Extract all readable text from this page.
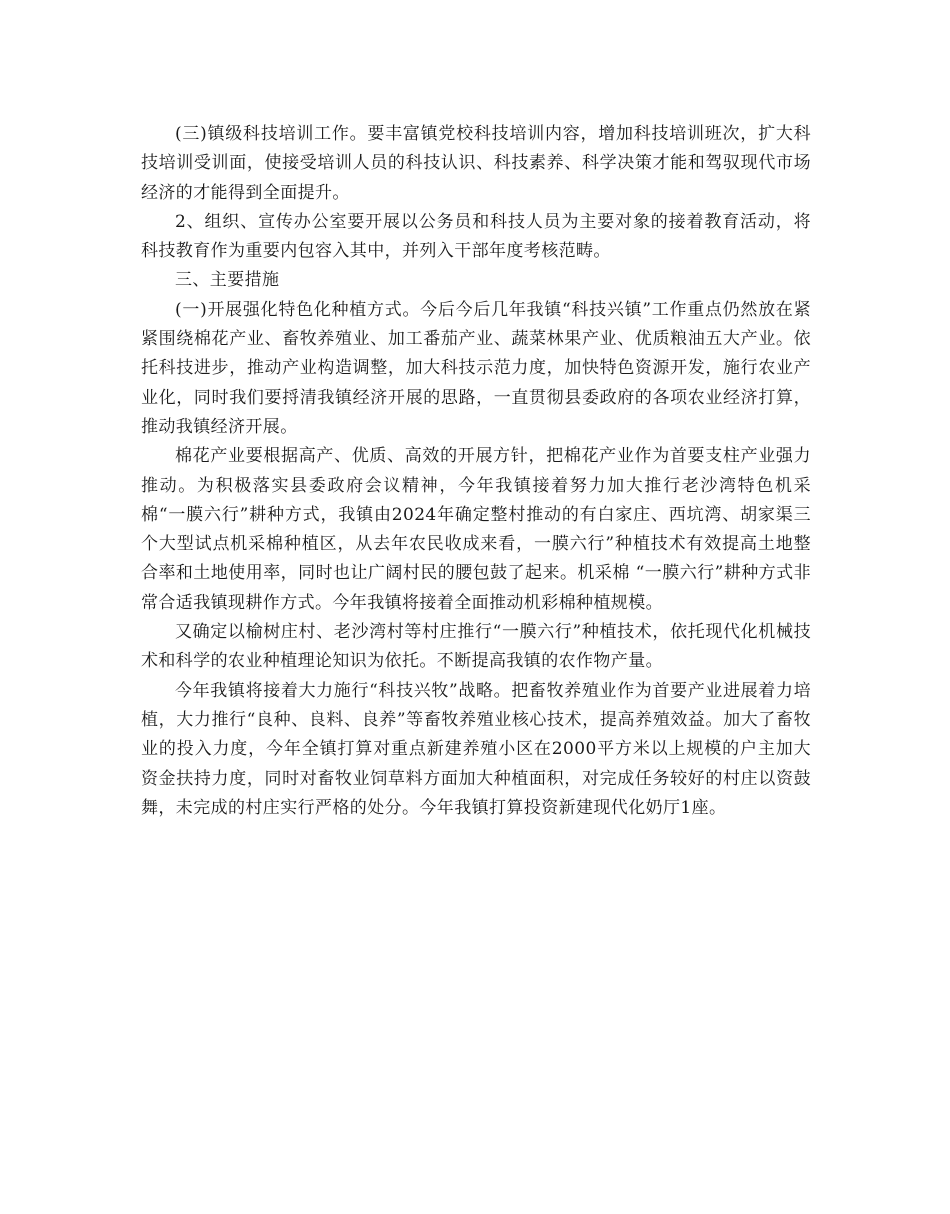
(三)镇级科技培训工作。要丰富镇党校科技培训内容，增加科技培训班次，扩大科技培训受训面，使接受培训人员的科技认识、科技素养、科学决策才能和驾驭现代市场经济的才能得到全面提升。

2、组织、宣传办公室要开展以公务员和科技人员为主要对象的接着教育活动，将科技教育作为重要内包容入其中，并列入干部年度考核范畴。

三、主要措施

(一)开展强化特色化种植方式。今后今后几年我镇“科技兴镇”工作重点仍然放在紧紧围绕棉花产业、畜牧养殖业、加工番茄产业、蔬菜林果产业、优质粮油五大产业。依托科技进步，推动产业构造调整，加大科技示范力度，加快特色资源开发，施行农业产业化，同时我们要捋清我镇经济开展的思路，一直贯彻县委政府的各项农业经济打算，推动我镇经济开展。

棉花产业要根据高产、优质、高效的开展方针，把棉花产业作为首要支柱产业强力推动。为积极落实县委政府会议精神，今年我镇接着努力加大推行老沙湾特色机采棉“一膜六行”耕种方式，我镇由2024年确定整村推动的有白家庄、西坑湾、胡家渠三个大型试点机采棉种植区，从去年农民收成来看，一膜六行”种植技术有效提高土地整合率和土地使用率，同时也让广阔村民的腰包鼓了起来。机采棉 “一膜六行”耕种方式非常合适我镇现耕作方式。今年我镇将接着全面推动机彩棉种植规模。

又确定以榆树庄村、老沙湾村等村庄推行“一膜六行”种植技术，依托现代化机械技术和科学的农业种植理论知识为依托。不断提高我镇的农作物产量。

今年我镇将接着大力施行“科技兴牧”战略。把畜牧养殖业作为首要产业进展着力培植，大力推行“良种、良料、良养”等畜牧养殖业核心技术，提高养殖效益。加大了畜牧业的投入力度，今年全镇打算对重点新建养殖小区在2000平方米以上规模的户主加大资金扶持力度，同时对畜牧业饲草料方面加大种植面积，对完成任务较好的村庄以资鼓舞，未完成的村庄实行严格的处分。今年我镇打算投资新建现代化奶厅1座。
